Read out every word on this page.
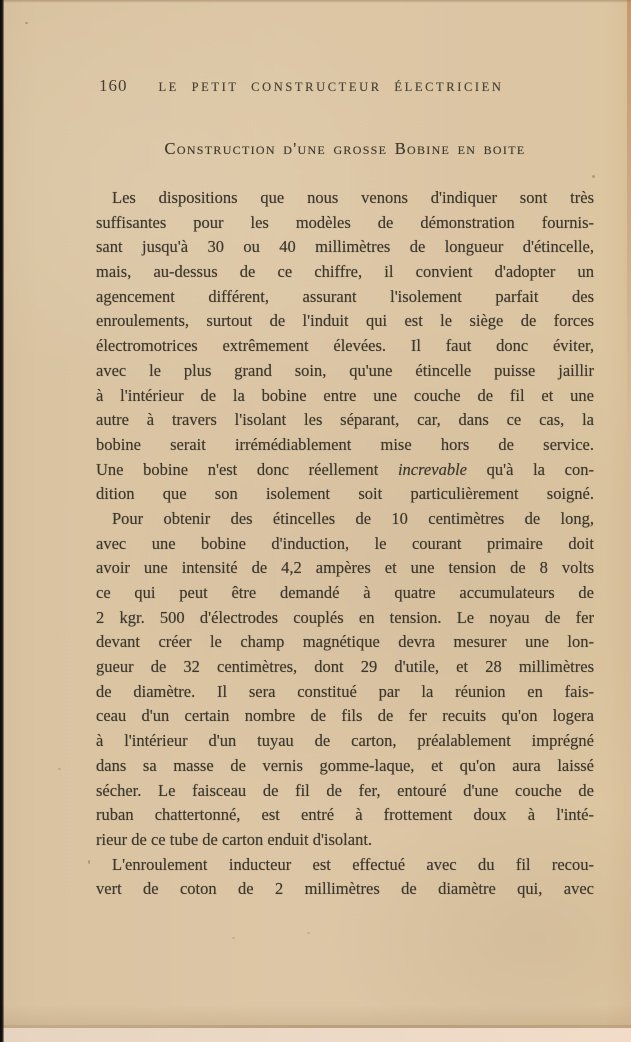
160	LE PETIT CONSTRUCTEUR ÉLECTRICIEN
Construction d'une grosse Bobine en boite
Les dispositions que nous venons d'indiquer sont très
suffisantes pour les modèles de démonstration fournis-
sant jusqu'à 30 ou 40 millimètres de longueur d'étincelle,
mais, au-dessus de ce chiffre, il convient d'adopter un
agencement différent, assurant l'isolement parfait des
enroulements, surtout de l'induit qui est le siège de forces
électromotrices extrêmement élevées. Il faut donc éviter,
avec le plus grand soin, qu'une étincelle puisse jaillir
à l'intérieur de la bobine entre une couche de fil et une
autre à travers l'isolant les séparant, car, dans ce cas, la
bobine serait irrémédiablement mise hors de service.
Une bobine n'est donc réellement increvable qu'à la con-
dition que son isolement soit particulièrement soigné.
Pour obtenir des étincelles de 10 centimètres de long,
avec une bobine d'induction, le courant primaire doit
avoir une intensité de 4,2 ampères et une tension de 8 volts
ce qui peut être demandé à quatre accumulateurs de
2 kgr. 500 d'électrodes couplés en tension. Le noyau de fer
devant créer le champ magnétique devra mesurer une lon-
gueur de 32 centimètres, dont 29 d'utile, et 28 millimètres
de diamètre. Il sera constitué par la réunion en fais-
ceau d'un certain nombre de fils de fer recuits qu'on logera
à l'intérieur d'un tuyau de carton, préalablement imprégné
dans sa masse de vernis gomme-laque, et qu'on aura laissé
sécher. Le faisceau de fil de fer, entouré d'une couche de
ruban chattertonné, est entré à frottement doux à l'inté-
rieur de ce tube de carton enduit d'isolant.
L'enroulement inducteur est effectué avec du fil recou-
vert de coton de 2 millimètres de diamètre qui, avec
